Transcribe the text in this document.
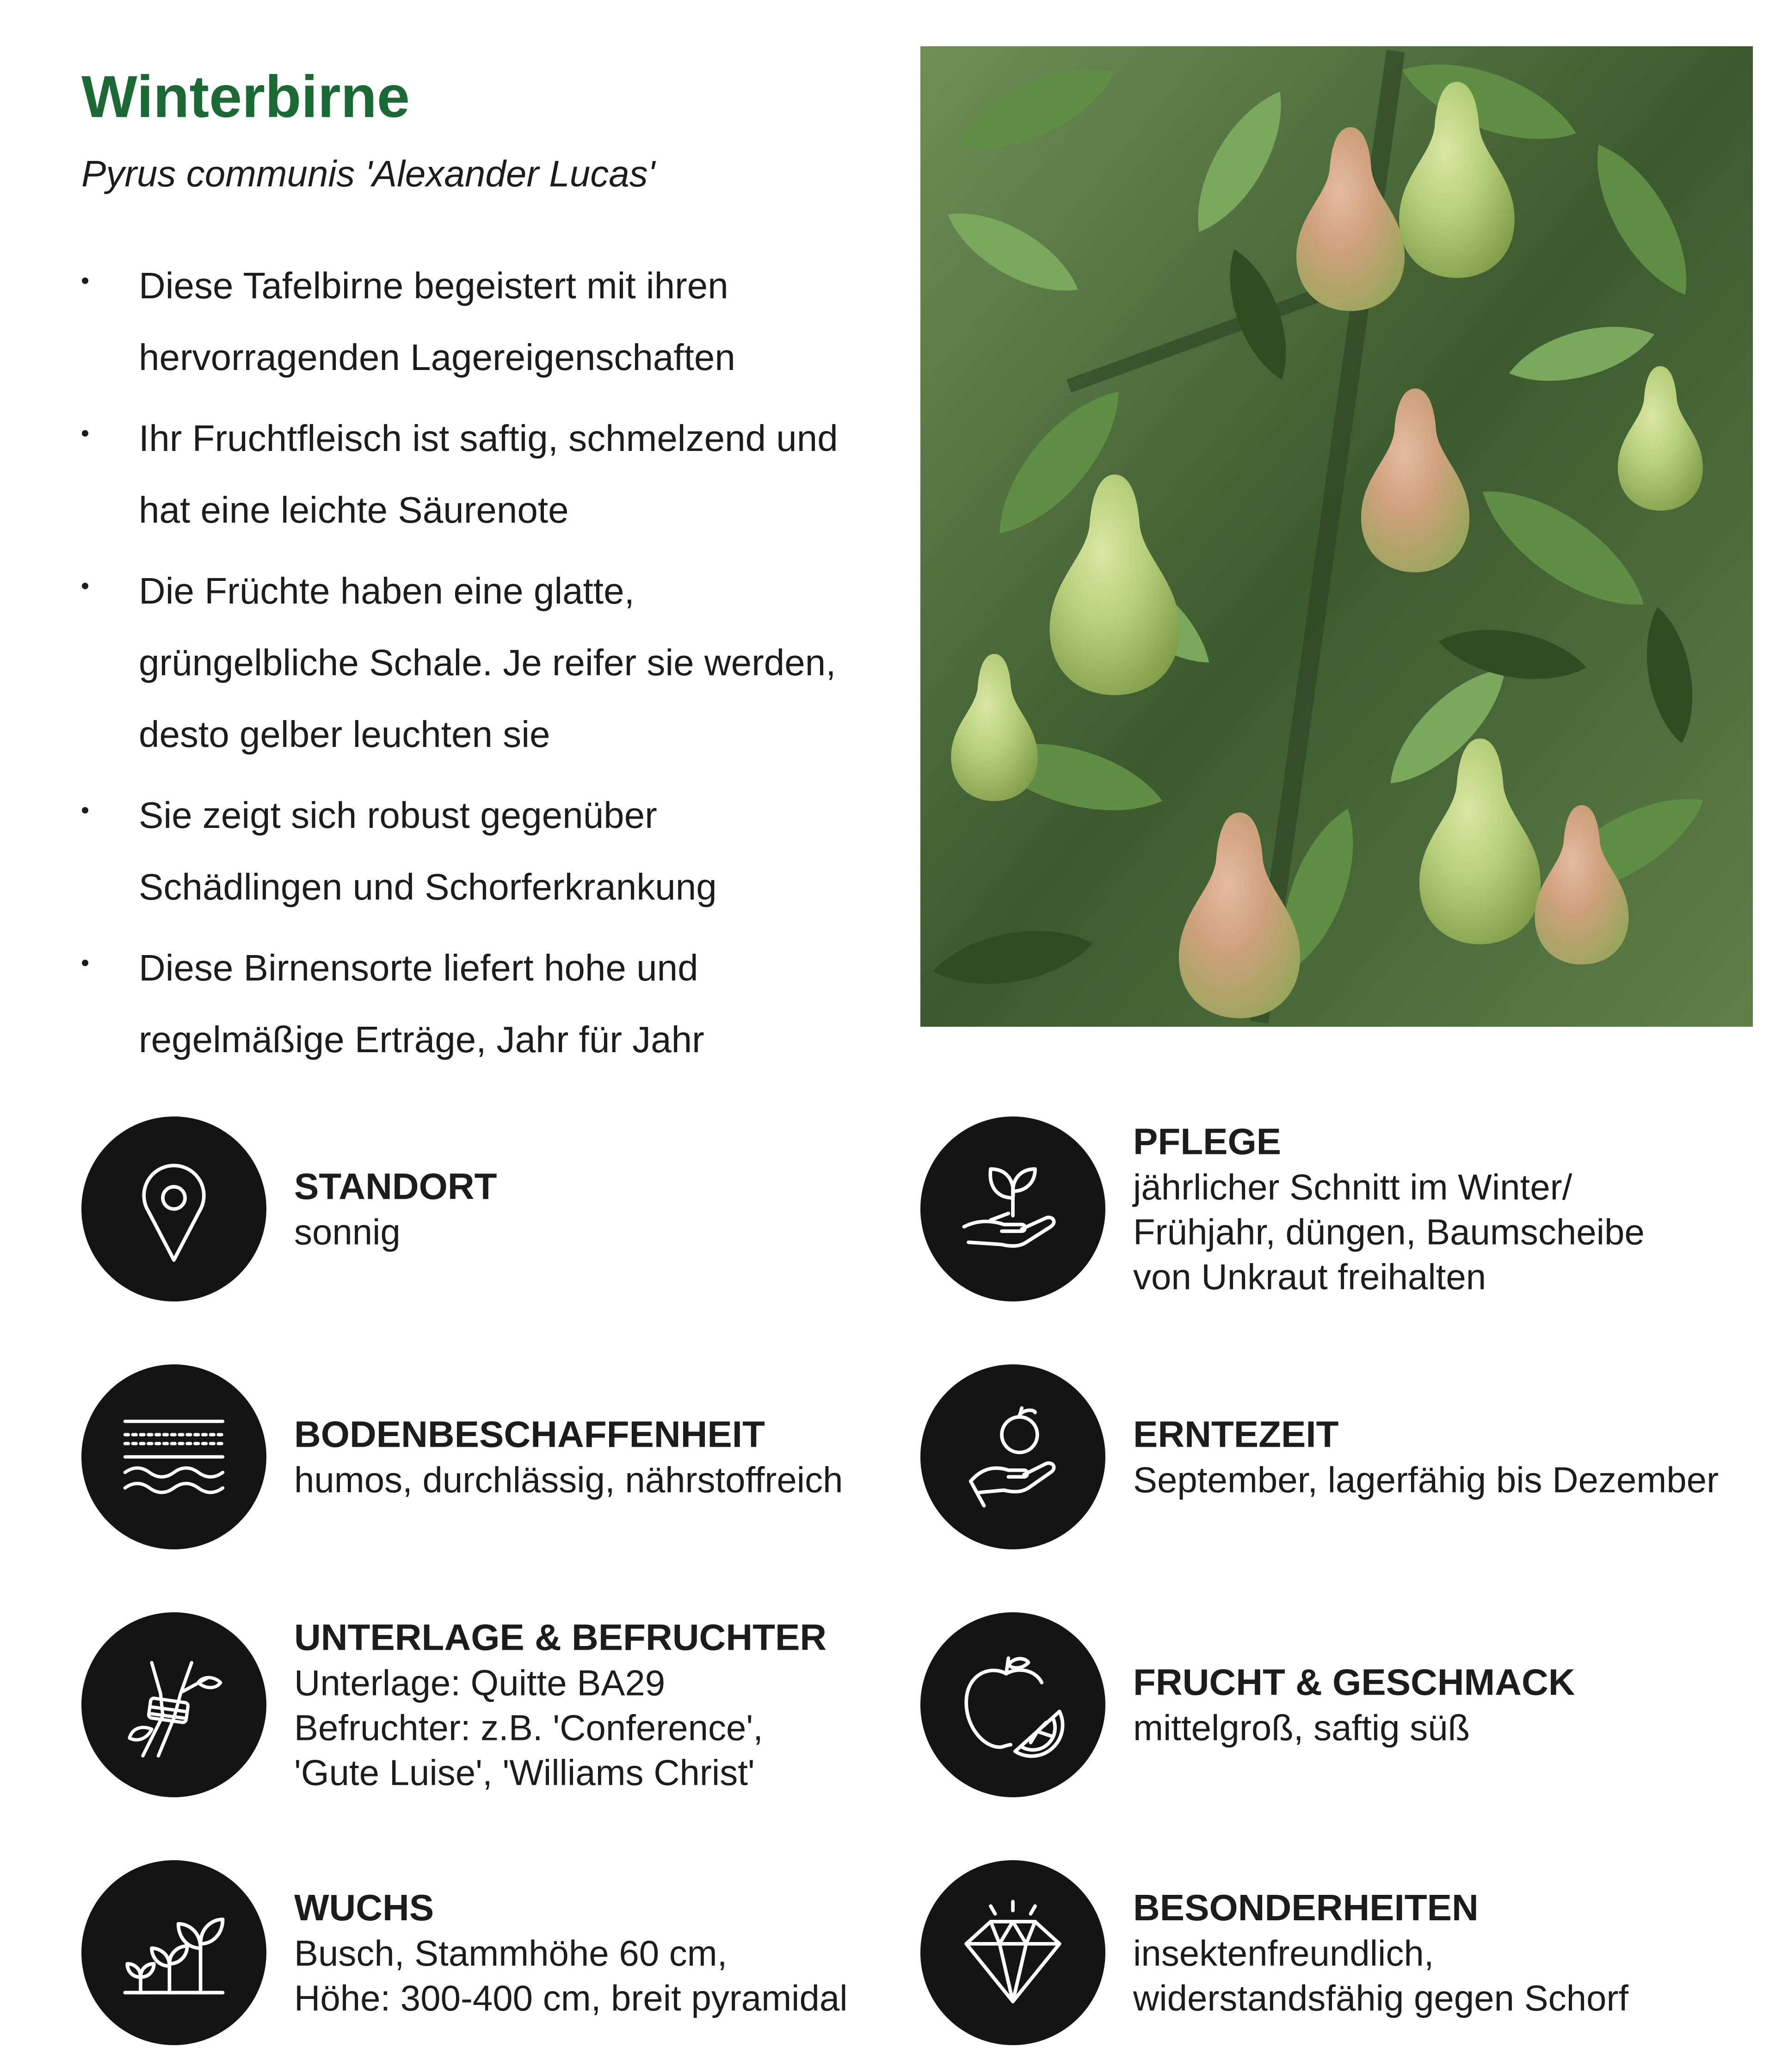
Winterbirne

Pyrus communis 'Alexander Lucas'

Diese Tafelbirne begeistert mit ihren
hervorragenden Lagereigenschaften
Ihr Fruchtfleisch ist saftig, schmelzend und
hat eine leichte Säurenote
Die Früchte haben eine glatte,
grüngelbliche Schale. Je reifer sie werden,
desto gelber leuchten sie
Sie zeigt sich robust gegenüber
Schädlingen und Schorferkrankung
Diese Birnensorte liefert hohe und
regelmäßige Erträge, Jahr für Jahr
STANDORT
sonnig
PFLEGE
jährlicher Schnitt im Winter/
Frühjahr, düngen, Baumscheibe
von Unkraut freihalten
BODENBESCHAFFENHEIT
humos, durchlässig, nährstoffreich
ERNTEZEIT
September, lagerfähig bis Dezember
UNTERLAGE & BEFRUCHTER
Unterlage: Quitte BA29
Befruchter: z.B. 'Conference',
'Gute Luise', 'Williams Christ'
FRUCHT & GESCHMACK
mittelgroß, saftig süß
WUCHS
Busch, Stammhöhe 60 cm,
Höhe: 300-400 cm, breit pyramidal
BESONDERHEITEN
insektenfreundlich,
widerstandsfähig gegen Schorf
